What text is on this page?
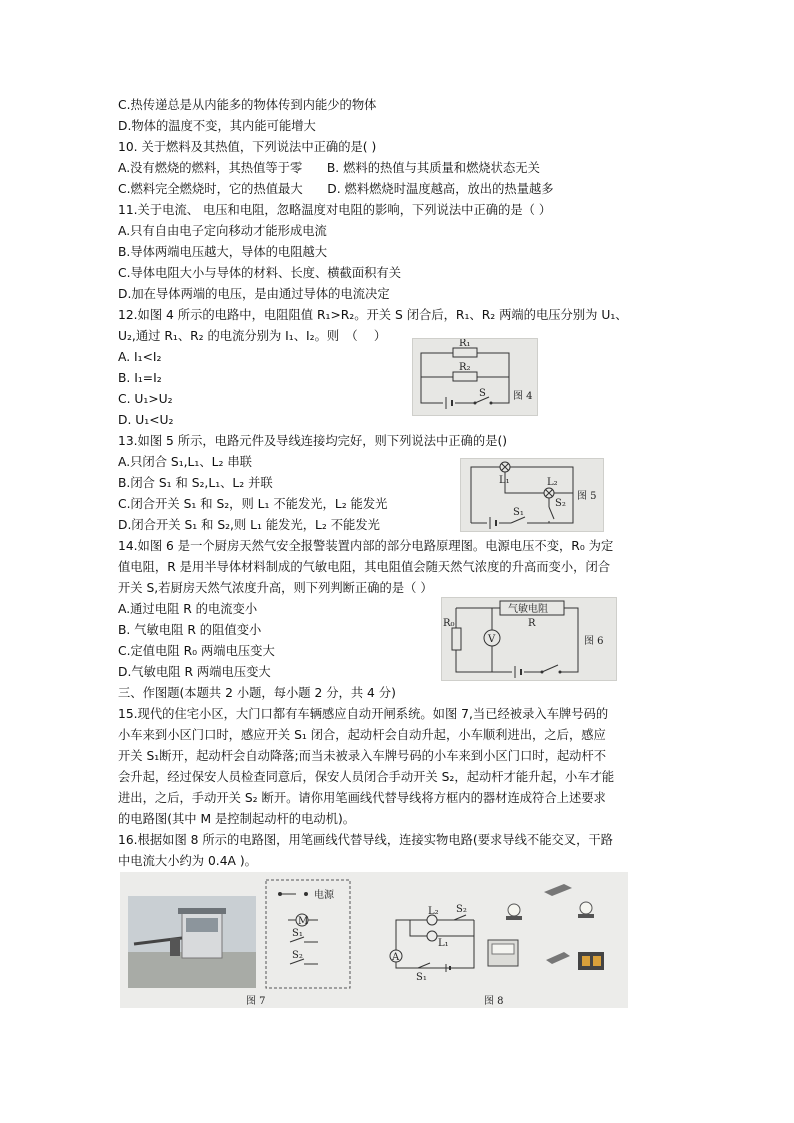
C.热传递总是从内能多的物体传到内能少的物体
D.物体的温度不变，其内能可能增大
10. 关于燃料及其热值，下列说法中正确的是( )
A.没有燃烧的燃料，其热值等于零　　B. 燃料的热值与其质量和燃烧状态无关
C.燃料完全燃烧时，它的热值最大　　D. 燃料燃烧时温度越高，放出的热量越多
11.关于电流、 电压和电阻，忽略温度对电阻的影响，下列说法中正确的是（ ）
A.只有自由电子定向移动才能形成电流
B.导体两端电压越大，导体的电阻越大
C.导体电阻大小与导体的材料、长度、横截面积有关
D.加在导体两端的电压，是由通过导体的电流决定
12.如图 4 所示的电路中，电阻阻值 R₁>R₂。开关 S 闭合后，R₁、R₂ 两端的电压分别为 U₁、
U₂,通过 R₁、R₂ 的电流分别为 I₁、I₂。则　（　 ）
A. I₁<I₂
B. I₁=I₂
C. U₁>U₂
D. U₁<U₂
13.如图 5 所示，电路元件及导线连接均完好，则下列说法中正确的是()
A.只闭合 S₁,L₁、L₂ 串联
B.闭合 S₁ 和 S₂,L₁、L₂ 并联
C.闭合开关 S₁ 和 S₂，则 L₁ 不能发光，L₂ 能发光
D.闭合开关 S₁ 和 S₂,则 L₁ 能发光，L₂ 不能发光
14.如图 6 是一个厨房天然气安全报警装置内部的部分电路原理图。电源电压不变，R₀ 为定
值电阻，R 是用半导体材料制成的气敏电阻，其电阻值会随天然气浓度的升高而变小，闭合
开关 S,若厨房天然气浓度升高，则下列判断正确的是（ ）
A.通过电阻 R 的电流变小
B. 气敏电阻 R 的阻值变小
C.定值电阻 R₀ 两端电压变大
D.气敏电阻 R 两端电压变大
三、作图题(本题共 2 小题，每小题 2 分，共 4 分)
15.现代的住宅小区，大门口都有车辆感应自动开闸系统。如图 7,当已经被录入车牌号码的
小车来到小区门口时，感应开关 S₁ 闭合，起动杆会自动升起，小车顺利进出，之后，感应
开关 S₁断开，起动杆会自动降落;而当未被录入车牌号码的小车来到小区门口时，起动杆不
会升起，经过保安人员检查同意后，保安人员闭合手动开关 S₂，起动杆才能升起，小车才能
进出，之后，手动开关 S₂ 断开。请你用笔画线代替导线将方框内的器材连成符合上述要求
的电路图(其中 M 是控制起动杆的电动机)。
16.根据如图 8 所示的电路图，用笔画线代替导线，连接实物电路(要求导线不能交叉，干路
中电流大小约为 0.4A )。
R₁
R₂
S	图 4
L₁	L₂
S₁
S₂
图 5
V
气敏电阻
R
R₀
图 6
电源
M
S₁
S₂
图 7
A
L₂
L₁
S₂
S₁
图 8
